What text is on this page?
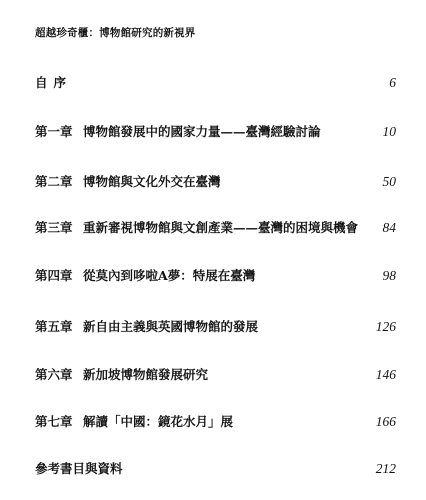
超越珍奇櫃：博物館研究的新視界
自序	6
第一章 博物館發展中的國家力量——臺灣經驗討論	10
第二章 博物館與文化外交在臺灣	50
第三章 重新審視博物館與文創產業——臺灣的困境與機會 84
第四章 從莫內到哆啦A夢：特展在臺灣	98
第五章 新自由主義與英國博物館的發展	126
第六章 新加坡博物館發展研究	146
第七章 解讀「中國：鏡花水月」展	166
參考書目與資料	212
